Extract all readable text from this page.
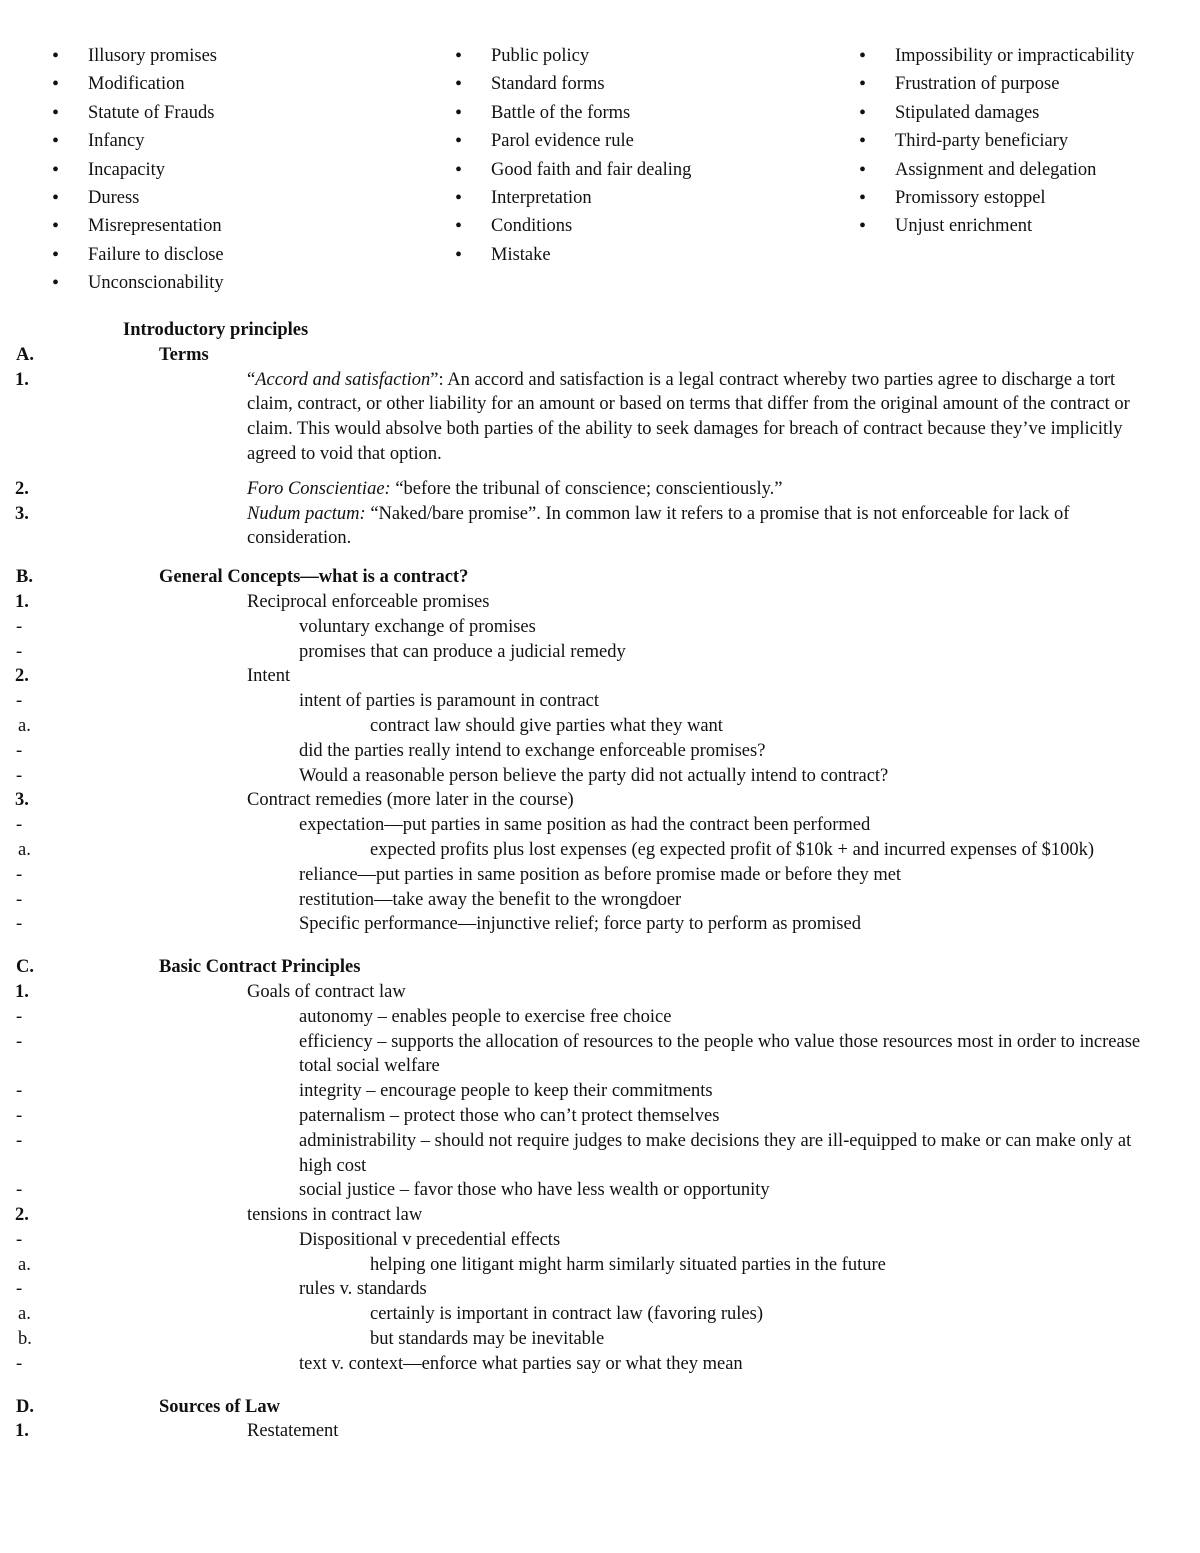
• Illusory promises
• Modification
• Statute of Frauds
• Infancy
• Incapacity
• Duress
• Misrepresentation
• Failure to disclose
• Unconscionability
• Public policy
• Standard forms
• Battle of the forms
• Parol evidence rule
• Good faith and fair dealing
• Interpretation
• Conditions
• Mistake
• Impossibility or impracticability
• Frustration of purpose
• Stipulated damages
• Third-party beneficiary
• Assignment and delegation
• Promissory estoppel
• Unjust enrichment
Introductory principles
A.	Terms
1.	“Accord and satisfaction”: An accord and satisfaction is a legal contract whereby two parties agree to discharge a tort claim, contract, or other liability for an amount or based on terms that differ from the original amount of the contract or claim. This would absolve both parties of the ability to seek damages for breach of contract because they’ve implicitly agreed to void that option.
2.	Foro Conscientiae: “before the tribunal of conscience; conscientiously.”
3.	Nudum pactum: “Naked/bare promise”. In common law it refers to a promise that is not enforceable for lack of consideration.
B.	General Concepts—what is a contract?
1.	Reciprocal enforceable promises
-	voluntary exchange of promises
-	promises that can produce a judicial remedy
2.	Intent
-	intent of parties is paramount in contract
a.	contract law should give parties what they want
-	did the parties really intend to exchange enforceable promises?
-	Would a reasonable person believe the party did not actually intend to contract?
3.	Contract remedies (more later in the course)
-	expectation—put parties in same position as had the contract been performed
a.	expected profits plus lost expenses (eg expected profit of $10k + and incurred expenses of $100k)
-	reliance—put parties in same position as before promise made or before they met
-	restitution—take away the benefit to the wrongdoer
-	Specific performance—injunctive relief; force party to perform as promised
C.	Basic Contract Principles
1.	Goals of contract law
-	autonomy – enables people to exercise free choice
-	efficiency – supports the allocation of resources to the people who value those resources most in order to increase total social welfare
-	integrity – encourage people to keep their commitments
-	paternalism – protect those who can’t protect themselves
-	administrability – should not require judges to make decisions they are ill-equipped to make or can make only at high cost
-	social justice – favor those who have less wealth or opportunity
2.	tensions in contract law
-	Dispositional v precedential effects
a.	helping one litigant might harm similarly situated parties in the future
-	rules v. standards
a.	certainly is important in contract law (favoring rules)
b.	but standards may be inevitable
-	text v. context—enforce what parties say or what they mean
D.	Sources of Law
1.	Restatement
